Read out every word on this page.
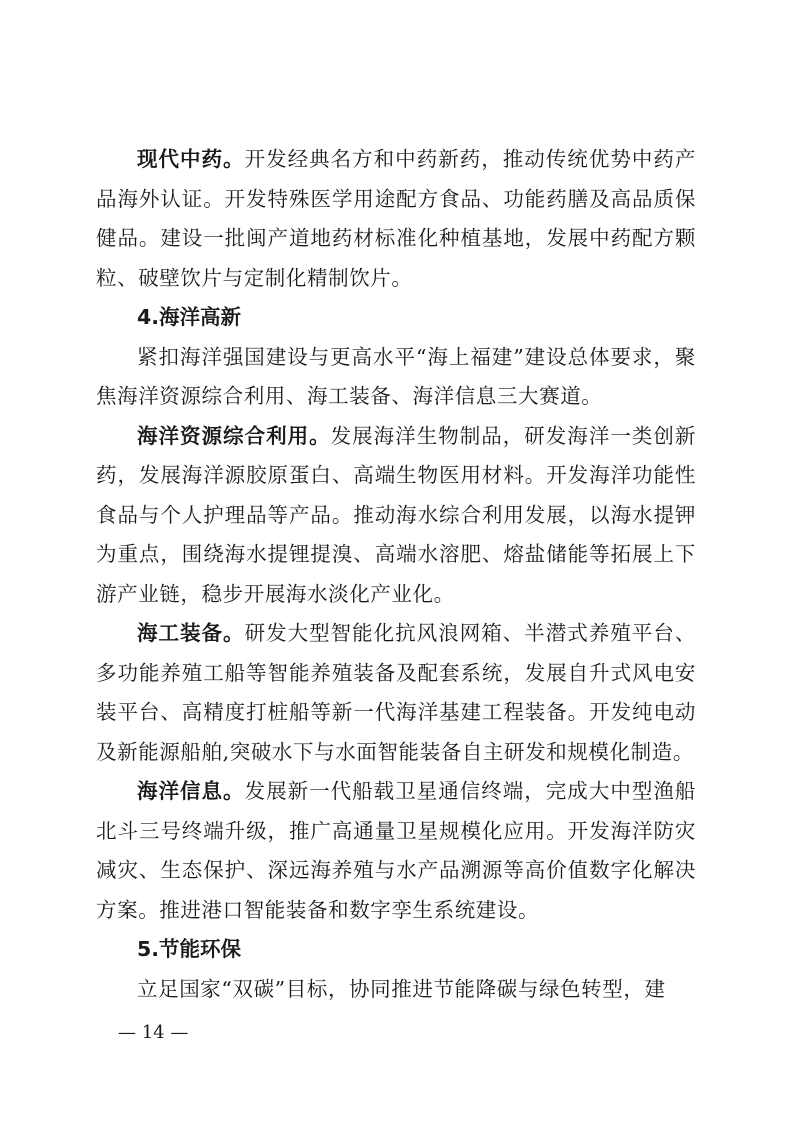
现代中药。开发经典名方和中药新药，推动传统优势中药产品海外认证。开发特殊医学用途配方食品、功能药膳及高品质保健品。建设一批闽产道地药材标准化种植基地，发展中药配方颗粒、破壁饮片与定制化精制饮片。

4.海洋高新

紧扣海洋强国建设与更高水平“海上福建”建设总体要求，聚焦海洋资源综合利用、海工装备、海洋信息三大赛道。

海洋资源综合利用。发展海洋生物制品，研发海洋一类创新药，发展海洋源胶原蛋白、高端生物医用材料。开发海洋功能性食品与个人护理品等产品。推动海水综合利用发展，以海水提钾为重点，围绕海水提锂提溴、高端水溶肥、熔盐储能等拓展上下游产业链，稳步开展海水淡化产业化。

海工装备。研发大型智能化抗风浪网箱、半潜式养殖平台、多功能养殖工船等智能养殖装备及配套系统，发展自升式风电安装平台、高精度打桩船等新一代海洋基建工程装备。开发纯电动及新能源船舶,突破水下与水面智能装备自主研发和规模化制造。

海洋信息。发展新一代船载卫星通信终端，完成大中型渔船北斗三号终端升级，推广高通量卫星规模化应用。开发海洋防灾减灾、生态保护、深远海养殖与水产品溯源等高价值数字化解决方案。推进港口智能装备和数字孪生系统建设。

5.节能环保

立足国家“双碳”目标，协同推进节能降碳与绿色转型，建

— 14 —
